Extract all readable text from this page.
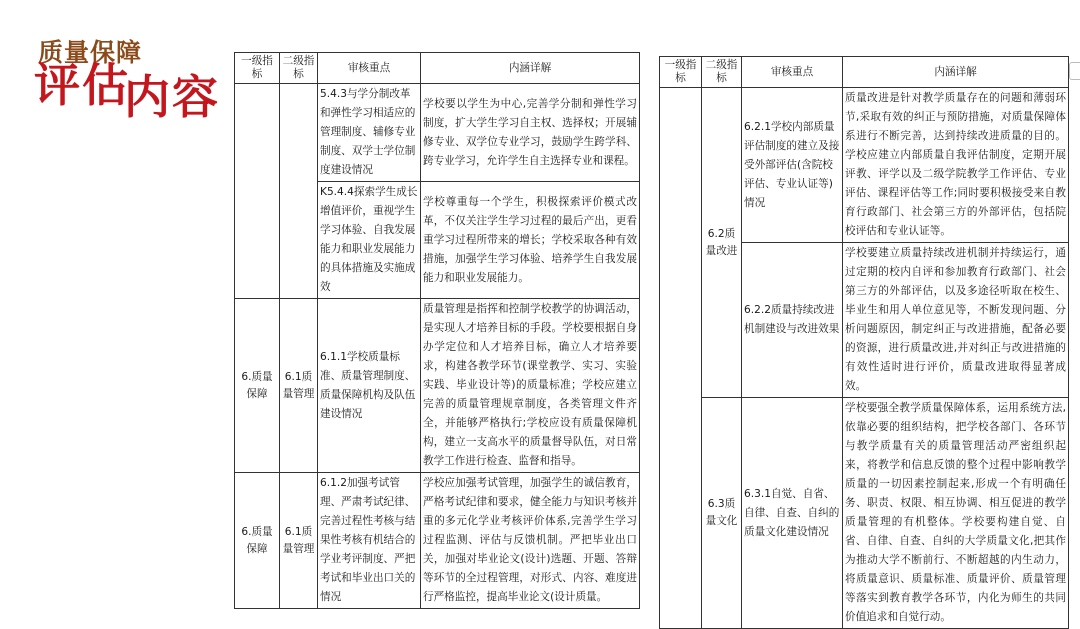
质量保障
评估内容
一级指标	二级指标	审核重点	内涵详解
		5.4.3与学分制改革和弹性学习相适应的管理制度、辅修专业制度、双学士学位制度建设情况	学校要以学生为中心,完善学分制和弹性学习制度，扩大学生学习自主权、选择权；开展辅修专业、双学位专业学习，鼓励学生跨学科、跨专业学习，允许学生自主选择专业和课程。
		K5.4.4探索学生成长增值评价，重视学生学习体验、自我发展能力和职业发展能力的具体措施及实施成效	学校尊重每一个学生，积极探索评价模式改革，不仅关注学生学习过程的最后产出，更看重学习过程所带来的增长；学校采取各种有效措施，加强学生学习体验、培养学生自我发展能力和职业发展能力。
6.质量保障	6.1质量管理	6.1.1学校质量标准、质量管理制度、质量保障机构及队伍建设情况	质量管理是指挥和控制学校教学的协调活动，是实现人才培养目标的手段。学校要根据自身办学定位和人才培养目标，确立人才培养要求，构建各教学环节(课堂教学、实习、实验实践、毕业设计等)的质量标准；学校应建立完善的质量管理规章制度，各类管理文件齐全，并能够严格执行;学校应设有质量保障机构，建立一支高水平的质量督导队伍，对日常教学工作进行检查、监督和指导。
6.质量保障	6.1质量管理	6.1.2加强考试管理、严肃考试纪律、完善过程性考核与结果性考核有机结合的学业考评制度、严把考试和毕业出口关的情况	学校应加强考试管理，加强学生的诚信教育，严格考试纪律和要求，健全能力与知识考核并重的多元化学业考核评价体系,完善学生学习过程监测、评估与反馈机制。严把毕业出口关，加强对毕业论文(设计)选题、开题、答辩等环节的全过程管理，对形式、内容、难度进行严格监控，提高毕业论文(设计质量。
一级指标	二级指标	审核重点	内涵详解
	6.2质量改进	6.2.1学校内部质量评估制度的建立及接受外部评估(含院校评估、专业认证等)情况	质量改进是针对教学质量存在的问题和薄弱环节,采取有效的纠正与预防措施，对质量保障体系进行不断完善，达到持续改进质量的目的。学校应建立内部质量自我评估制度，定期开展评教、评学以及二级学院教学工作评估、专业评估、课程评估等工作;同时要积极接受来自教育行政部门、社会第三方的外部评估，包括院校评估和专业认证等。
		6.2.2质量持续改进机制建设与改进效果	学校要建立质量持续改进机制并持续运行，通过定期的校内自评和参加教育行政部门、社会第三方的外部评估，以及多途径听取在校生、毕业生和用人单位意见等，不断发现问题、分析问题原因，制定纠正与改进措施，配备必要的资源，进行质量改进,并对纠正与改进措施的有效性适时进行评价，质量改进取得显著成效。
	6.3质量文化	6.3.1自觉、自省、自律、自查、自纠的质量文化建设情况	学校要强全教学质量保障体系，运用系统方法,依靠必要的组织结构，把学校各部门、各环节与教学质量有关的质量管理活动严密组织起来，将教学和信息反馈的整个过程中影响教学质量的一切因素控制起来,形成一个有明确任务、职责、权限、相互协调、相互促进的教学质量管理的有机整体。学校要构建自觉、自省、自律、自查、自纠的大学质量文化,把其作为推动大学不断前行、不断超越的内生动力，将质量意识、质量标准、质量评价、质量管理等落实到教育教学各环节，内化为师生的共同价值追求和自觉行动。
